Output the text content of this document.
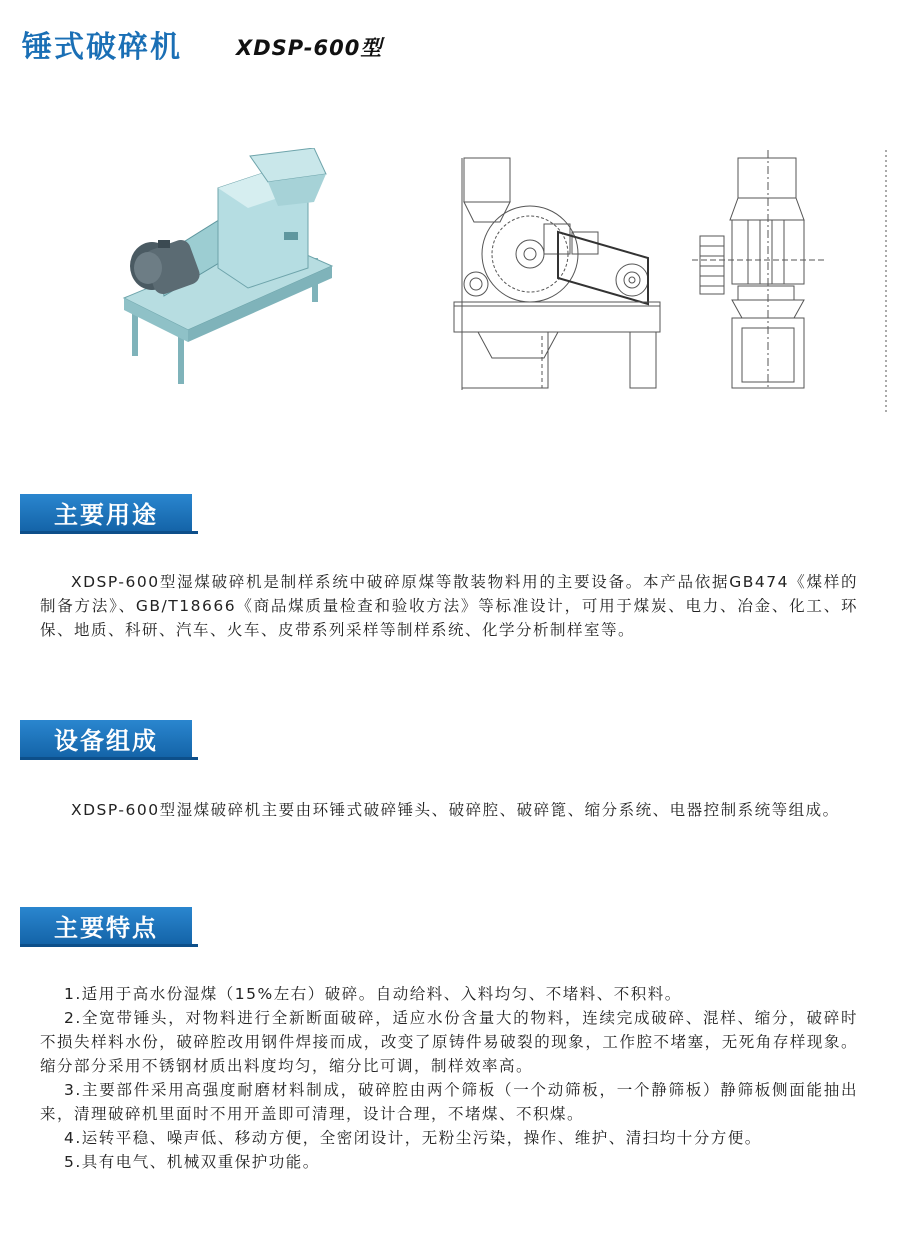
锤式破碎机	XDSP-600型
主要用途
XDSP-600型湿煤破碎机是制样系统中破碎原煤等散装物料用的主要设备。本产品依据GB474《煤样的制备方法》、GB/T18666《商品煤质量检查和验收方法》等标准设计，可用于煤炭、电力、冶金、化工、环保、地质、科研、汽车、火车、皮带系列采样等制样系统、化学分析制样室等。
设备组成
XDSP-600型湿煤破碎机主要由环锤式破碎锤头、破碎腔、破碎篦、缩分系统、电器控制系统等组成。
主要特点

1.适用于高水份湿煤（15%左右）破碎。自动给料、入料均匀、不堵料、不积料。

2.全宽带锤头，对物料进行全新断面破碎，适应水份含量大的物料，连续完成破碎、混样、缩分，破碎时不损失样料水份，破碎腔改用钢件焊接而成，改变了原铸件易破裂的现象，工作腔不堵塞，无死角存样现象。缩分部分采用不锈钢材质出料度均匀，缩分比可调，制样效率高。

3.主要部件采用高强度耐磨材料制成，破碎腔由两个筛板（一个动筛板，一个静筛板）静筛板侧面能抽出来，清理破碎机里面时不用开盖即可清理，设计合理，不堵煤、不积煤。

4.运转平稳、噪声低、移动方便，全密闭设计，无粉尘污染，操作、维护、清扫均十分方便。

5.具有电气、机械双重保护功能。
